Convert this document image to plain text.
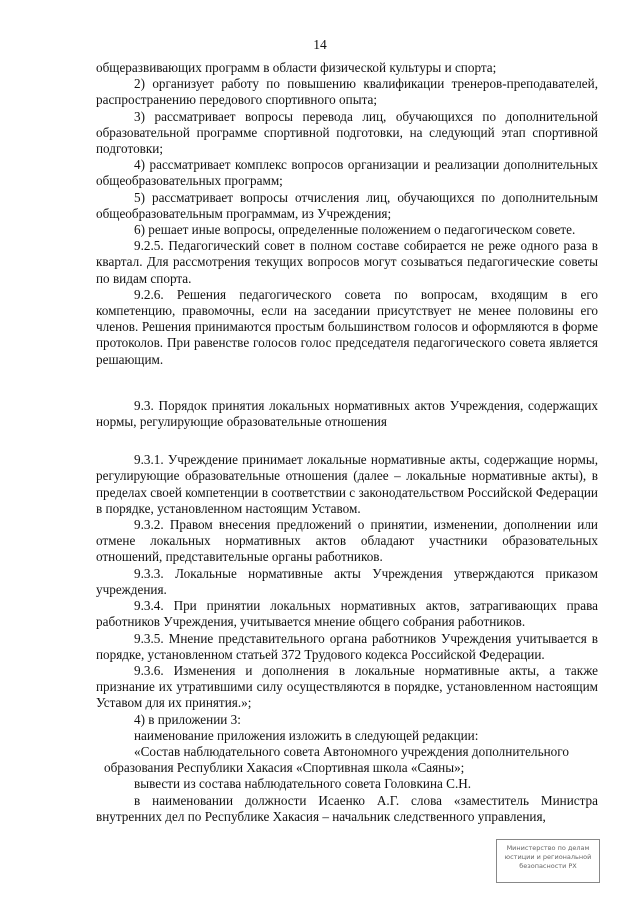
14

общеразвивающих программ в области физической культуры и спорта;

2) организует работу по повышению квалификации тренеров-преподавателей, распространению передового спортивного опыта;

3) рассматривает вопросы перевода лиц, обучающихся по дополнительной образовательной программе спортивной подготовки, на следующий этап спортивной подготовки;

4) рассматривает комплекс вопросов организации и реализации дополнительных общеобразовательных программ;

5) рассматривает вопросы отчисления лиц, обучающихся по дополнительным общеобразовательным программам, из Учреждения;

6) решает иные вопросы, определенные положением о педагогическом совете.

9.2.5. Педагогический совет в полном составе собирается не реже одного раза в квартал. Для рассмотрения текущих вопросов могут созываться педагогические советы по видам спорта.

9.2.6. Решения педагогического совета по вопросам, входящим в его компетенцию, правомочны, если на заседании присутствует не менее половины его членов. Решения принимаются простым большинством голосов и оформляются в форме протоколов. При равенстве голосов голос председателя педагогического совета является решающим.

9.3. Порядок принятия локальных нормативных актов Учреждения, содержащих нормы, регулирующие образовательные отношения

9.3.1. Учреждение принимает локальные нормативные акты, содержащие нормы, регулирующие образовательные отношения (далее – локальные нормативные акты), в пределах своей компетенции в соответствии с законодательством Российской Федерации в порядке, установленном настоящим Уставом.

9.3.2. Правом внесения предложений о принятии, изменении, дополнении или отмене локальных нормативных актов обладают участники образовательных отношений, представительные органы работников.

9.3.3. Локальные нормативные акты Учреждения утверждаются приказом учреждения.

9.3.4. При принятии локальных нормативных актов, затрагивающих права работников Учреждения, учитывается мнение общего собрания работников.

9.3.5. Мнение представительного органа работников Учреждения учитывается в порядке, установленном статьей 372 Трудового кодекса Российской Федерации.

9.3.6. Изменения и дополнения в локальные нормативные акты, а также признание их утратившими силу осуществляются в порядке, установленном настоящим Уставом для их принятия.»;

4) в приложении 3:

наименование приложения изложить в следующей редакции:

«Состав наблюдательного совета Автономного учреждения дополнительного

образования Республики Хакасия «Спортивная школа «Саяны»;

вывести из состава наблюдательного совета Головкина С.Н.

в наименовании должности Исаенко А.Г. слова «заместитель Министра внутренних дел по Республике Хакасия – начальник следственного управления,

Министерство по делам
юстиции и региональной
безопасности РХ
